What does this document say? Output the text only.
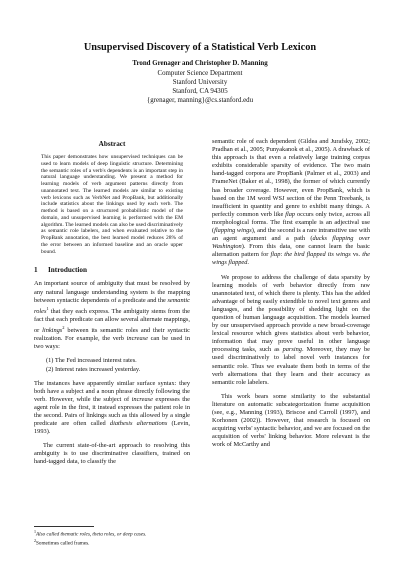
Unsupervised Discovery of a Statistical Verb Lexicon
Trond Grenager and Christopher D. Manning
Computer Science Department
Stanford University
Stanford, CA 94305
{grenager, manning}@cs.stanford.edu
Abstract
This paper demonstrates how unsupervised techniques can be used to learn models of deep linguistic structure. Determining the semantic roles of a verb's dependents is an important step in natural language understanding. We present a method for learning models of verb argument patterns directly from unannotated text. The learned models are similar to existing verb lexicons such as VerbNet and PropBank, but additionally include statistics about the linkings used by each verb. The method is based on a structured probabilistic model of the domain, and unsupervised learning is performed with the EM algorithm. The learned models can also be used discriminatively as semantic role labelers, and when evaluated relative to the PropBank annotation, the best learned model reduces 28% of the error between an informed baseline and an oracle upper bound.
1 Introduction

An important source of ambiguity that must be resolved by any natural language understanding system is the mapping between syntactic dependents of a predicate and the semantic roles$^1$ that they each express. The ambiguity stems from the fact that each predicate can allow several alternate mappings, or linkings$^2$ between its semantic roles and their syntactic realization. For example, the verb increase can be used in two ways:

(1) The Fed increased interest rates.
(2) Interest rates increased yesterday.

The instances have apparently similar surface syntax: they both have a subject and a noun phrase directly following the verb. However, while the subject of increase expresses the agent role in the first, it instead expresses the patient role in the second. Pairs of linkings such as this allowed by a single predicate are often called diathesis alternations (Levin, 1993).

The current state-of-the-art approach to resolving this ambiguity is to use discriminative classifiers, trained on hand-tagged data, to classify the

$^1$Also called thematic roles, theta roles, or deep cases.
$^2$Sometimes called frames.

semantic role of each dependent (Gildea and Jurafsky, 2002; Pradhan et al., 2005; Punyakanok et al., 2005). A drawback of this approach is that even a relatively large training corpus exhibits considerable sparsity of evidence. The two main hand-tagged corpora are PropBank (Palmer et al., 2003) and FrameNet (Baker et al., 1998), the former of which currently has broader coverage. However, even PropBank, which is based on the 1M word WSJ section of the Penn Treebank, is insufficient in quantity and genre to exhibit many things. A perfectly common verb like flap occurs only twice, across all morphological forms. The first example is an adjectival use (flapping wings), and the second is a rare intransitive use with an agent argument and a path (ducks flapping over Washington). From this data, one cannot learn the basic alternation pattern for flap: the bird flapped its wings vs. the wings flapped.

We propose to address the challenge of data sparsity by learning models of verb behavior directly from raw unannotated text, of which there is plenty. This has the added advantage of being easily extendible to novel text genres and languages, and the possibility of shedding light on the question of human language acquisition. The models learned by our unsupervised approach provide a new broad-coverage lexical resource which gives statistics about verb behavior, information that may prove useful in other language processing tasks, such as parsing. Moreover, they may be used discriminatively to label novel verb instances for semantic role. Thus we evaluate them both in terms of the verb alternations that they learn and their accuracy as semantic role labelers.

This work bears some similarity to the substantial literature on automatic subcategorization frame acquisition (see, e.g., Manning (1993), Briscoe and Carroll (1997), and Korhonen (2002)). However, that research is focused on acquiring verbs' syntactic behavior, and we are focused on the acquisition of verbs' linking behavior. More relevant is the work of McCarthy and
